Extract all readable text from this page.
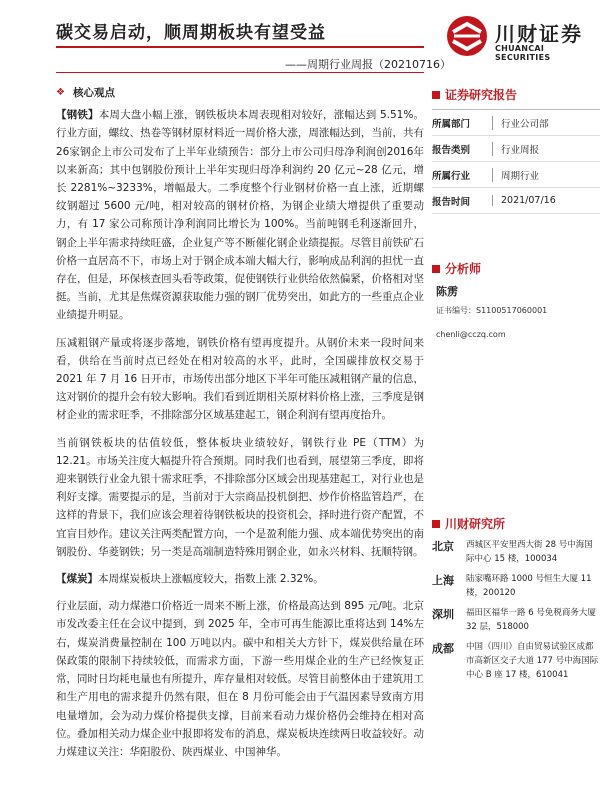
碳交易启动，顺周期板块有望受益
——周期行业周报（20210716）
川财证券
CHUANCAI SECURITIES
❖ 核心观点

【钢铁】本周大盘小幅上涨，钢铁板块本周表现相对较好，涨幅达到 5.51%。行业方面，螺纹、热卷等钢材原材料近一周价格大涨，周涨幅达到，当前，共有26家钢企上市公司发布了上半年业绩预告：部分上市公司归母净利润创2016年以来新高；其中包钢股份预计上半年实现归母净利润约 20 亿元~28 亿元，增长 2281%~3233%，增幅最大。二季度整个行业钢材价格一直上涨，近期螺纹钢超过 5600 元/吨，相对较高的钢材价格，为钢企业绩大增提供了重要动力，有 17 家公司称预计净利润同比增长为 100%。当前吨钢毛利逐渐回升，钢企上半年需求持续旺盛，企业复产等不断催化钢企业绩提振。尽管目前铁矿石价格一直居高不下，市场上对于钢企成本端大幅大行，影响成品利润的担忧一直存在，但是，环保核查回头看等政策，促使钢铁行业供给依然偏紧，价格相对坚挺。当前，尤其是焦煤资源获取能力强的钢厂优势突出，如此方的一些重点企业业绩提升明显。

压减粗钢产量或将逐步落地，钢铁价格有望再度提升。从钢价未来一段时间来看，供给在当前时点已经处在相对较高的水平，此时，全国碳排放权交易于 2021 年 7 月 16 日开市，市场传出部分地区下半年可能压减粗钢产量的信息，这对钢价的提升会有较大影响。我们看到近期相关原材料价格上涨，三季度是钢材企业的需求旺季，不排除部分区域基建起工，钢企利润有望再度抬升。

当前钢铁板块的估值较低，整体板块业绩较好，钢铁行业 PE（TTM）为 12.21。市场关注度大幅提升符合预期。同时我们也看到，展望第三季度，即将迎来钢铁行业金九银十需求旺季，不排除部分区域会出现基建起工，对行业也是利好支撑。需要提示的是，当前对于大宗商品投机倒把、炒作价格监管趋严，在这样的背景下，我们应该会理着待钢铁板块的投资机会，择时进行资产配置，不宜盲目炒作。建议关注两类配置方向，一个是盈利能力强、成本端优势突出的南钢股份、华菱钢铁；另一类是高端制造特殊用钢企业，如永兴材料、抚顺特钢。

【煤炭】本周煤炭板块上涨幅度较大，指数上涨 2.32%。

行业层面，动力煤港口价格近一周来不断上涨，价格最高达到 895 元/吨。北京市发改委主任在会议中提到，到 2025 年，全市可再生能源比重将达到 14%左右，煤炭消费量控制在 100 万吨以内。碳中和相关大方针下，煤炭供给量在环保政策的限制下持续较低，而需求方面，下游一些用煤企业的生产已经恢复正常，同时日均耗电量也有所提升，库存量相对较低。尽管目前整体由于建筑用工和生产用电的需求提升仍然有限，但在 8 月份可能会由于气温因素导致南方用电量增加，会为动力煤价格提供支撑，目前来看动力煤价格仍会维持在相对高位。叠加相关动力煤企业中报即将发布的消息，煤炭板块连续两日收益较好。动力煤建议关注：华阳股份、陕西煤业、中国神华。

证券研究报告
所属部门	行业公司部
报告类别	行业周报
所属行业	周期行业
报告时间	2021/07/16
分析师
陈雳
证书编号：S1100517060001
chenli@cczq.com
川财研究所
北京	西城区平安里西大街 28 号中海国际中心 15 楼，100034
上海	陆家嘴环路 1000 号恒生大厦 11 楼，200120
深圳	福田区福华一路 6 号免税商务大厦 32 层，518000
成都	中国（四川）自由贸易试验区成都市高新区交子大道 177 号中海国际中心 B 座 17 楼，610041
